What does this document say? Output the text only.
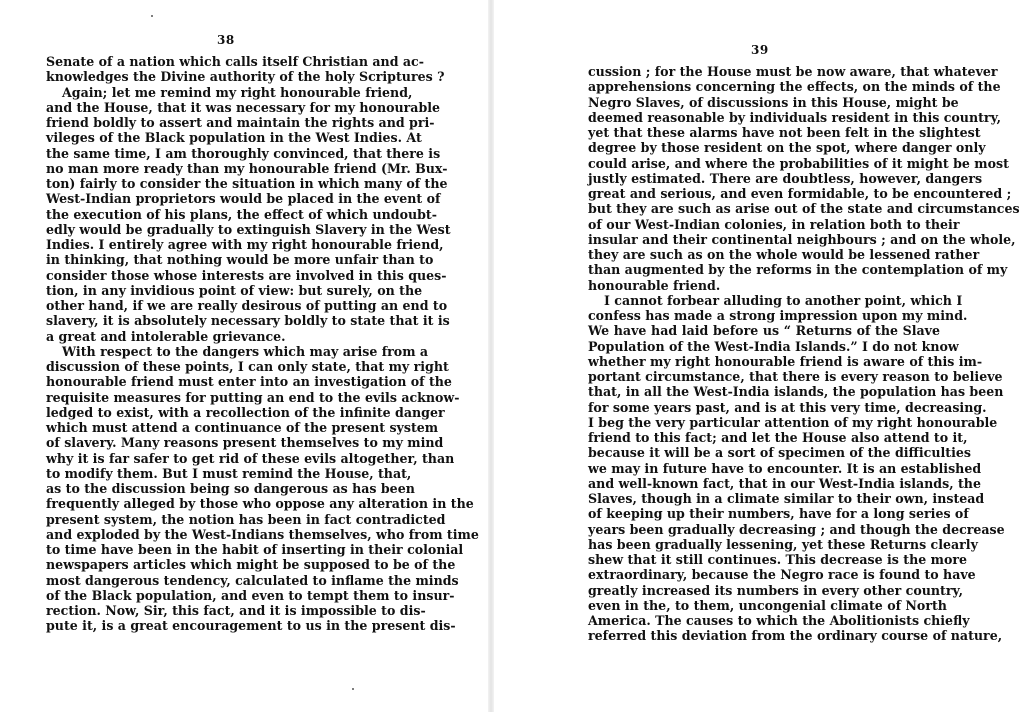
38
Senate of a nation which calls itself Christian and ac-
knowledges the Divine authority of the holy Scriptures ?
Again; let me remind my right honourable friend,
and the House, that it was necessary for my honourable
friend boldly to assert and maintain the rights and pri-
vileges of the Black population in the West Indies. At
the same time, I am thoroughly convinced, that there is
no man more ready than my honourable friend (Mr. Bux-
ton) fairly to consider the situation in which many of the
West-Indian proprietors would be placed in the event of
the execution of his plans, the effect of which undoubt-
edly would be gradually to extinguish Slavery in the West
Indies. I entirely agree with my right honourable friend,
in thinking, that nothing would be more unfair than to
consider those whose interests are involved in this ques-
tion, in any invidious point of view: but surely, on the
other hand, if we are really desirous of putting an end to
slavery, it is absolutely necessary boldly to state that it is
a great and intolerable grievance.
With respect to the dangers which may arise from a
discussion of these points, I can only state, that my right
honourable friend must enter into an investigation of the
requisite measures for putting an end to the evils acknow-
ledged to exist, with a recollection of the infinite danger
which must attend a continuance of the present system
of slavery. Many reasons present themselves to my mind
why it is far safer to get rid of these evils altogether, than
to modify them. But I must remind the House, that,
as to the discussion being so dangerous as has been
frequently alleged by those who oppose any alteration in the
present system, the notion has been in fact contradicted
and exploded by the West-Indians themselves, who from time
to time have been in the habit of inserting in their colonial
newspapers articles which might be supposed to be of the
most dangerous tendency, calculated to inflame the minds
of the Black population, and even to tempt them to insur-
rection. Now, Sir, this fact, and it is impossible to dis-
pute it, is a great encouragement to us in the present dis-
39
cussion ; for the House must be now aware, that whatever
apprehensions concerning the effects, on the minds of the
Negro Slaves, of discussions in this House, might be
deemed reasonable by individuals resident in this country,
yet that these alarms have not been felt in the slightest
degree by those resident on the spot, where danger only
could arise, and where the probabilities of it might be most
justly estimated. There are doubtless, however, dangers
great and serious, and even formidable, to be encountered ;
but they are such as arise out of the state and circumstances
of our West-Indian colonies, in relation both to their
insular and their continental neighbours ; and on the whole,
they are such as on the whole would be lessened rather
than augmented by the reforms in the contemplation of my
honourable friend.
I cannot forbear alluding to another point, which I
confess has made a strong impression upon my mind.
We have had laid before us “ Returns of the Slave
Population of the West-India Islands.” I do not know
whether my right honourable friend is aware of this im-
portant circumstance, that there is every reason to believe
that, in all the West-India islands, the population has been
for some years past, and is at this very time, decreasing.
I beg the very particular attention of my right honourable
friend to this fact; and let the House also attend to it,
because it will be a sort of specimen of the difficulties
we may in future have to encounter. It is an established
and well-known fact, that in our West-India islands, the
Slaves, though in a climate similar to their own, instead
of keeping up their numbers, have for a long series of
years been gradually decreasing ; and though the decrease
has been gradually lessening, yet these Returns clearly
shew that it still continues. This decrease is the more
extraordinary, because the Negro race is found to have
greatly increased its numbers in every other country,
even in the, to them, uncongenial climate of North
America. The causes to which the Abolitionists chiefly
referred this deviation from the ordinary course of nature,
